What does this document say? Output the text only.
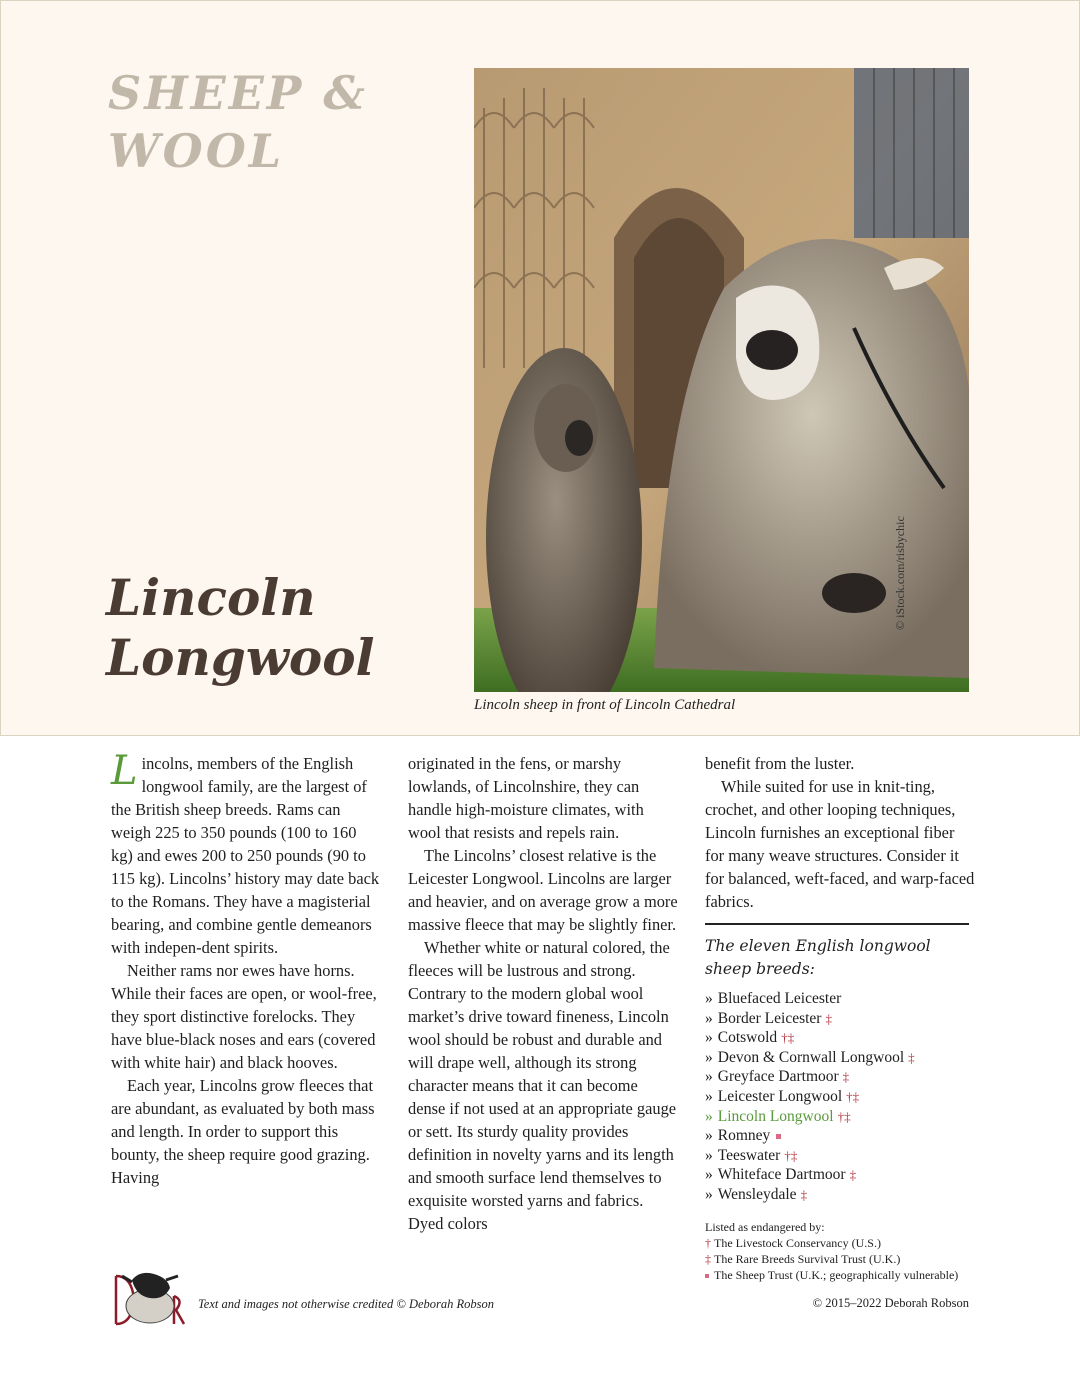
SHEEP &
WOOL
Lincoln
Longwool
© iStock.com/risbychic
Lincoln sheep in front of Lincoln Cathedral

Lincolns, members of the English longwool family, are the largest of the British sheep breeds. Rams can weigh 225 to 350 pounds (100 to 160 kg) and ewes 200 to 250 pounds (90 to 115 kg). Lincolns’ history may date back to the Romans. They have a magisterial bearing, and combine gentle demeanors with indepen-dent spirits.

Neither rams nor ewes have horns. While their faces are open, or wool-free, they sport distinctive forelocks. They have blue-black noses and ears (covered with white hair) and black hooves.

Each year, Lincolns grow fleeces that are abundant, as evaluated by both mass and length. In order to support this bounty, the sheep require good grazing. Having

originated in the fens, or marshy lowlands, of Lincolnshire, they can handle high-moisture climates, with wool that resists and repels rain.

The Lincolns’ closest relative is the Leicester Longwool. Lincolns are larger and heavier, and on average grow a more massive fleece that may be slightly finer.

Whether white or natural colored, the fleeces will be lustrous and strong. Contrary to the modern global wool market’s drive toward fineness, Lincoln wool should be robust and durable and will drape well, although its strong character means that it can become dense if not used at an appropriate gauge or sett. Its sturdy quality provides definition in novelty yarns and its length and smooth surface lend themselves to exquisite worsted yarns and fabrics. Dyed colors

benefit from the luster.

While suited for use in knit-ting, crochet, and other looping techniques, Lincoln furnishes an exceptional fiber for many weave structures. Consider it for balanced, weft-faced, and warp-faced fabrics.

The eleven English longwool sheep breeds:
» Bluefaced Leicester
» Border Leicester ‡
» Cotswold †‡
» Devon & Cornwall Longwool ‡
» Greyface Dartmoor ‡
» Leicester Longwool †‡
» Lincoln Longwool †‡
» Romney
» Teeswater †‡
» Whiteface Dartmoor ‡
» Wensleydale ‡
Listed as endangered by:
† The Livestock Conservancy (U.S.)
‡ The Rare Breeds Survival Trust (U.K.)
The Sheep Trust (U.K.; geographically vulnerable)
Text and images not otherwise credited © Deborah Robson	© 2015–2022 Deborah Robson
